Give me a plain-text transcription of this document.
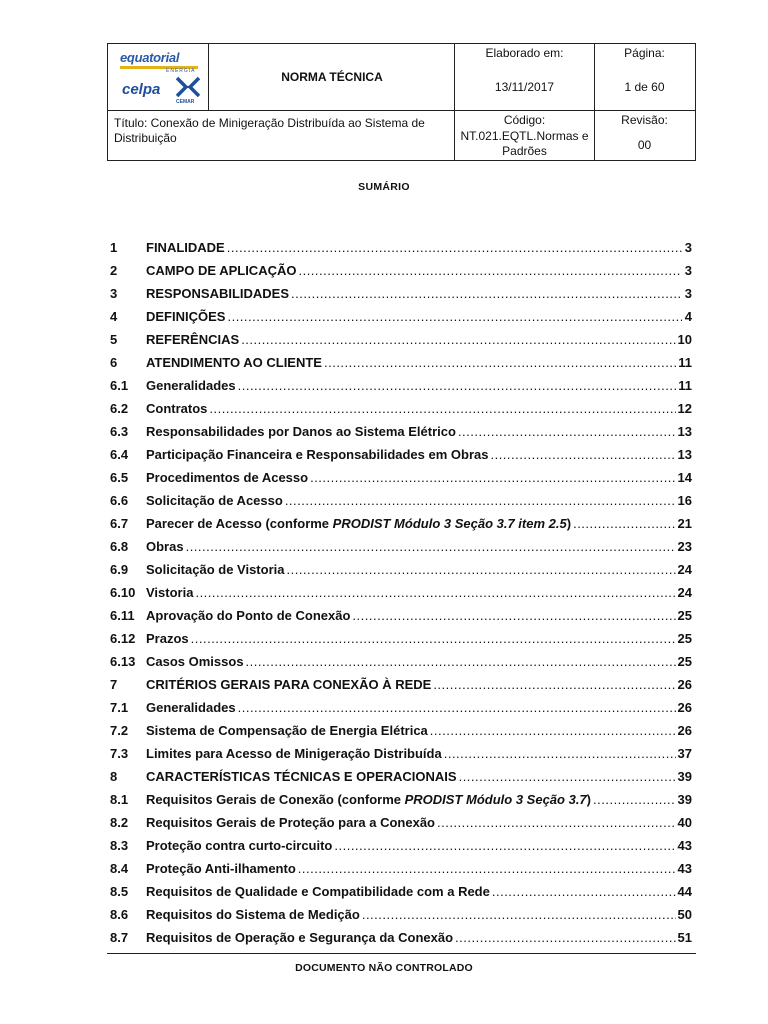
equatorial
ENERGIA
celpa
CEMAR
NORMA TÉCNICA
Elaborado em:
13/11/2017
Página:
1 de 60
Título: Conexão de Minigeração Distribuída ao Sistema de Distribuição
Código:
NT.021.EQTL.Normas e Padrões
Revisão:
00
SUMÁRIO
1	FINALIDADE .....	3
2	CAMPO DE APLICAÇÃO .....	3
3	RESPONSABILIDADES .....	3
4	DEFINIÇÕES .....	4
5	REFERÊNCIAS .....	10
6	ATENDIMENTO AO CLIENTE .....	11
6.1	Generalidades .....	11
6.2	Contratos .....	12
6.3	Responsabilidades por Danos ao Sistema Elétrico .....	13
6.4	Participação Financeira e Responsabilidades em Obras .....	13
6.5	Procedimentos de Acesso .....	14
6.6	Solicitação de Acesso .....	16
6.7	Parecer de Acesso (conforme PRODIST Módulo 3 Seção 3.7 item 2.5) .....	21
6.8	Obras .....	23
6.9	Solicitação de Vistoria .....	24
6.10 Vistoria .....	24
6.11 Aprovação do Ponto de Conexão .....	25
6.12 Prazos .....	25
6.13 Casos Omissos .....	25
7	CRITÉRIOS GERAIS PARA CONEXÃO À REDE .....	26
7.1	Generalidades .....	26
7.2	Sistema de Compensação de Energia Elétrica .....	26
7.3	Limites para Acesso de Minigeração Distribuída .....	37
8	CARACTERÍSTICAS TÉCNICAS E OPERACIONAIS .....	39
8.1	Requisitos Gerais de Conexão (conforme PRODIST Módulo 3 Seção 3.7) .....	39
8.2	Requisitos Gerais de Proteção para a Conexão .....	40
8.3	Proteção contra curto-circuito .....	43
8.4	Proteção Anti-ilhamento .....	43
8.5	Requisitos de Qualidade e Compatibilidade com a Rede .....	44
8.6	Requisitos do Sistema de Medição .....	50
8.7	Requisitos de Operação e Segurança da Conexão .....	51
DOCUMENTO NÃO CONTROLADO
